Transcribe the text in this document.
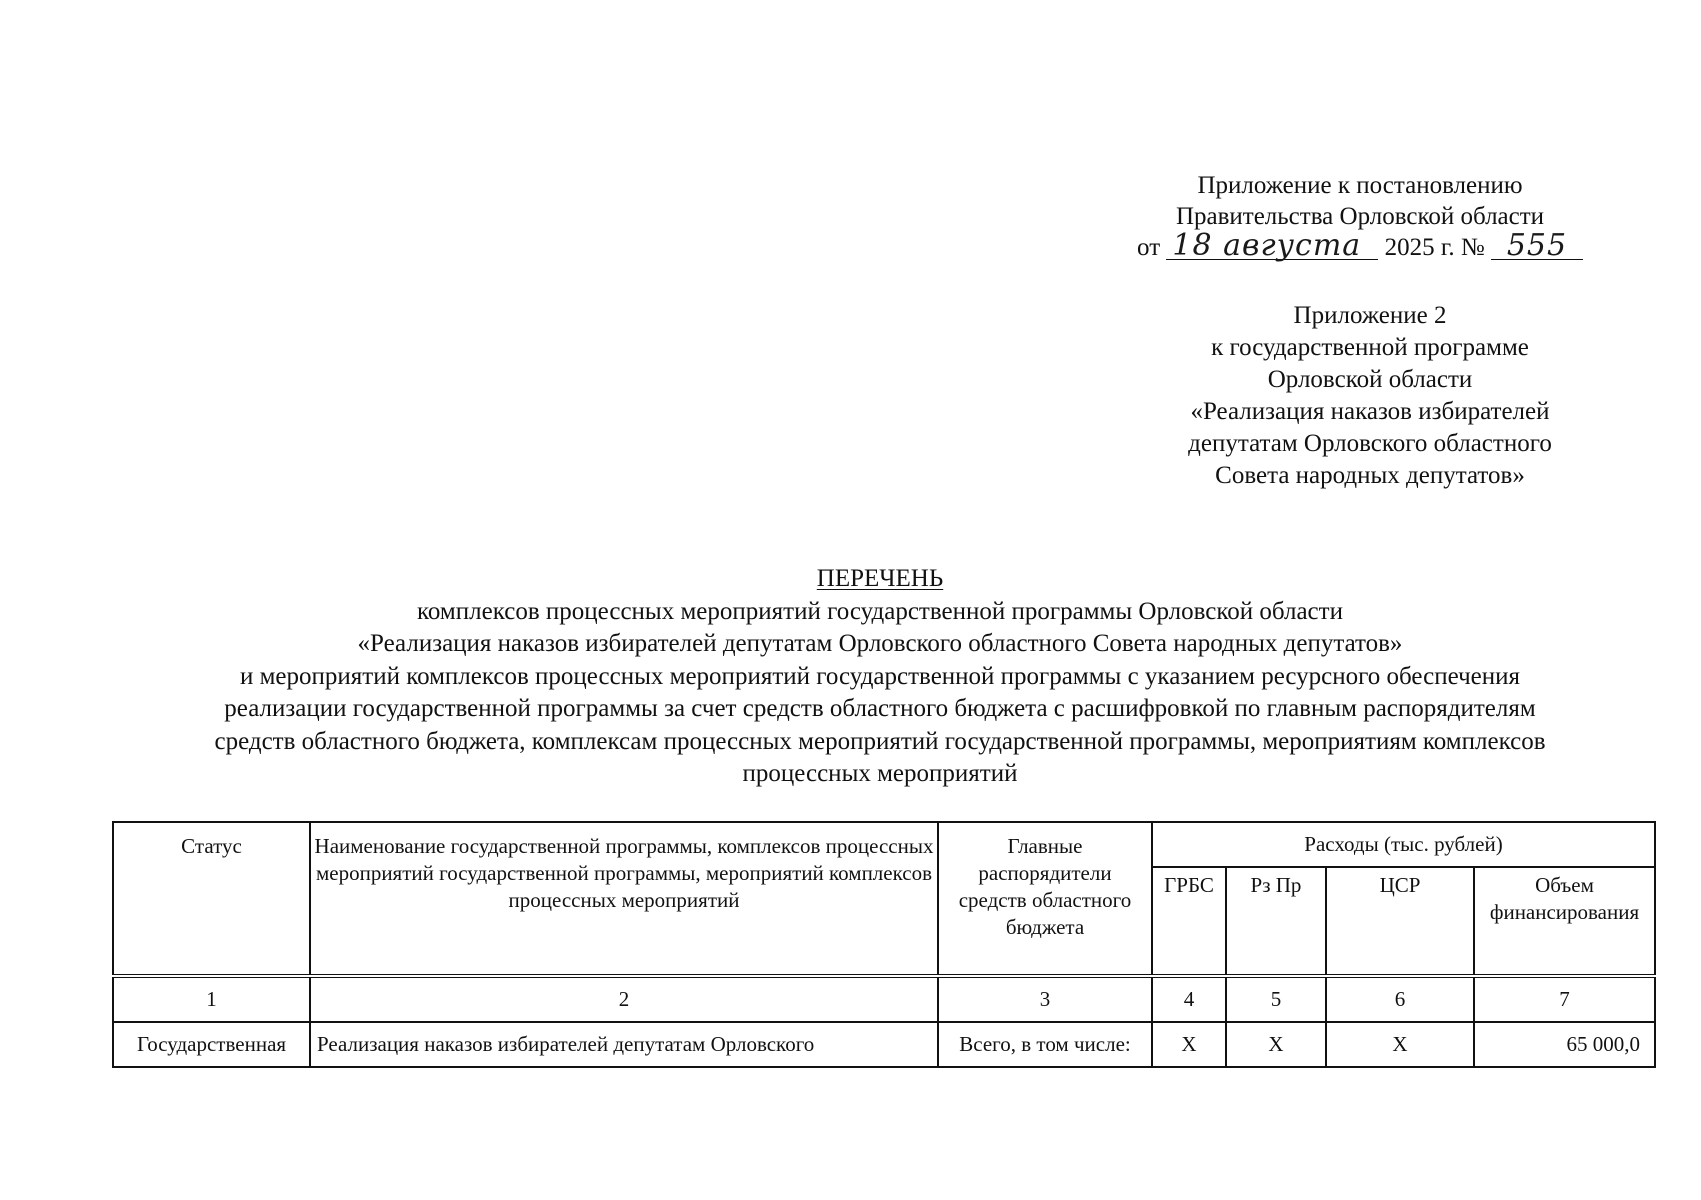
Приложение к постановлению
Правительства Орловской области
от 18 августа 2025 г. № 555
Приложение 2
к государственной программе
Орловской области
«Реализация наказов избирателей
депутатам Орловского областного
Совета народных депутатов»
ПЕРЕЧЕНЬ
комплексов процессных мероприятий государственной программы Орловской области
«Реализация наказов избирателей депутатам Орловского областного Совета народных депутатов»
и мероприятий комплексов процессных мероприятий государственной программы с указанием ресурсного обеспечения
реализации государственной программы за счет средств областного бюджета с расшифровкой по главным распорядителям
средств областного бюджета, комплексам процессных мероприятий государственной программы, мероприятиям комплексов
процессных мероприятий
Статус	Наименование государственной программы, комплексов процессных мероприятий государственной программы, мероприятий комплексов процессных мероприятий	Главные распорядители средств областного бюджета	Расходы (тыс. рублей)			
			ГРБС	Рз Пр	ЦСР	Объем финансирования
1	2	3	4	5	6	7
Государственная	Реализация наказов избирателей депутатам Орловского	Всего, в том числе:	Х	Х	Х	65 000,0
